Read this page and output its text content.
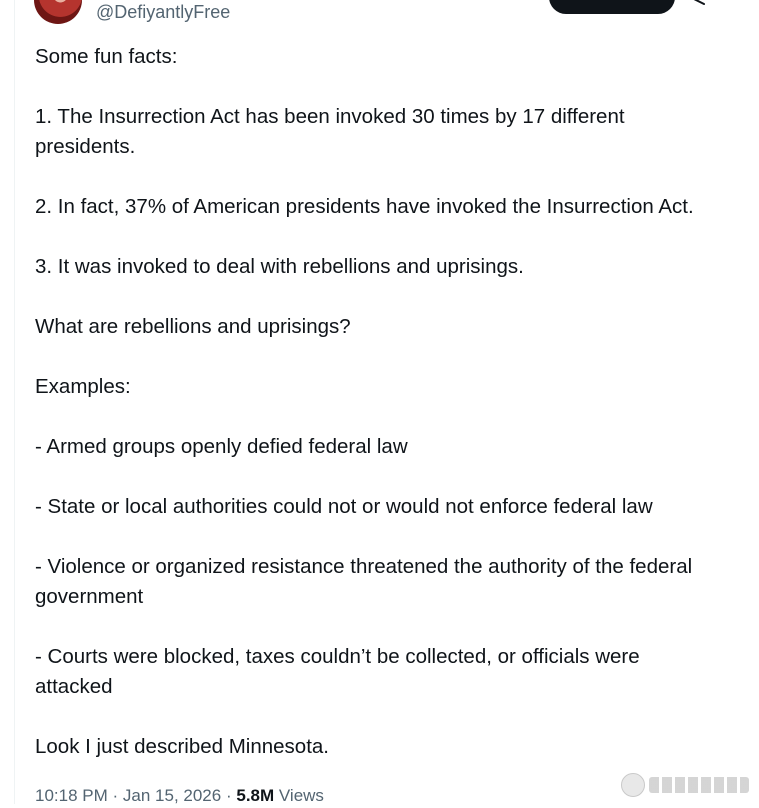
@DefiyantlyFree

Some fun facts:

1. The Insurrection Act has been invoked 30 times by 17 different
presidents.

2. In fact, 37% of American presidents have invoked the Insurrection Act.

3. It was invoked to deal with rebellions and uprisings.

What are rebellions and uprisings?

Examples:

- Armed groups openly defied federal law

- State or local authorities could not or would not enforce federal law

- Violence or organized resistance threatened the authority of the federal
government

- Courts were blocked, taxes couldn’t be collected, or officials were
attacked

Look I just described Minnesota.

10:18 PM · Jan 15, 2026 · 5.8M Views
